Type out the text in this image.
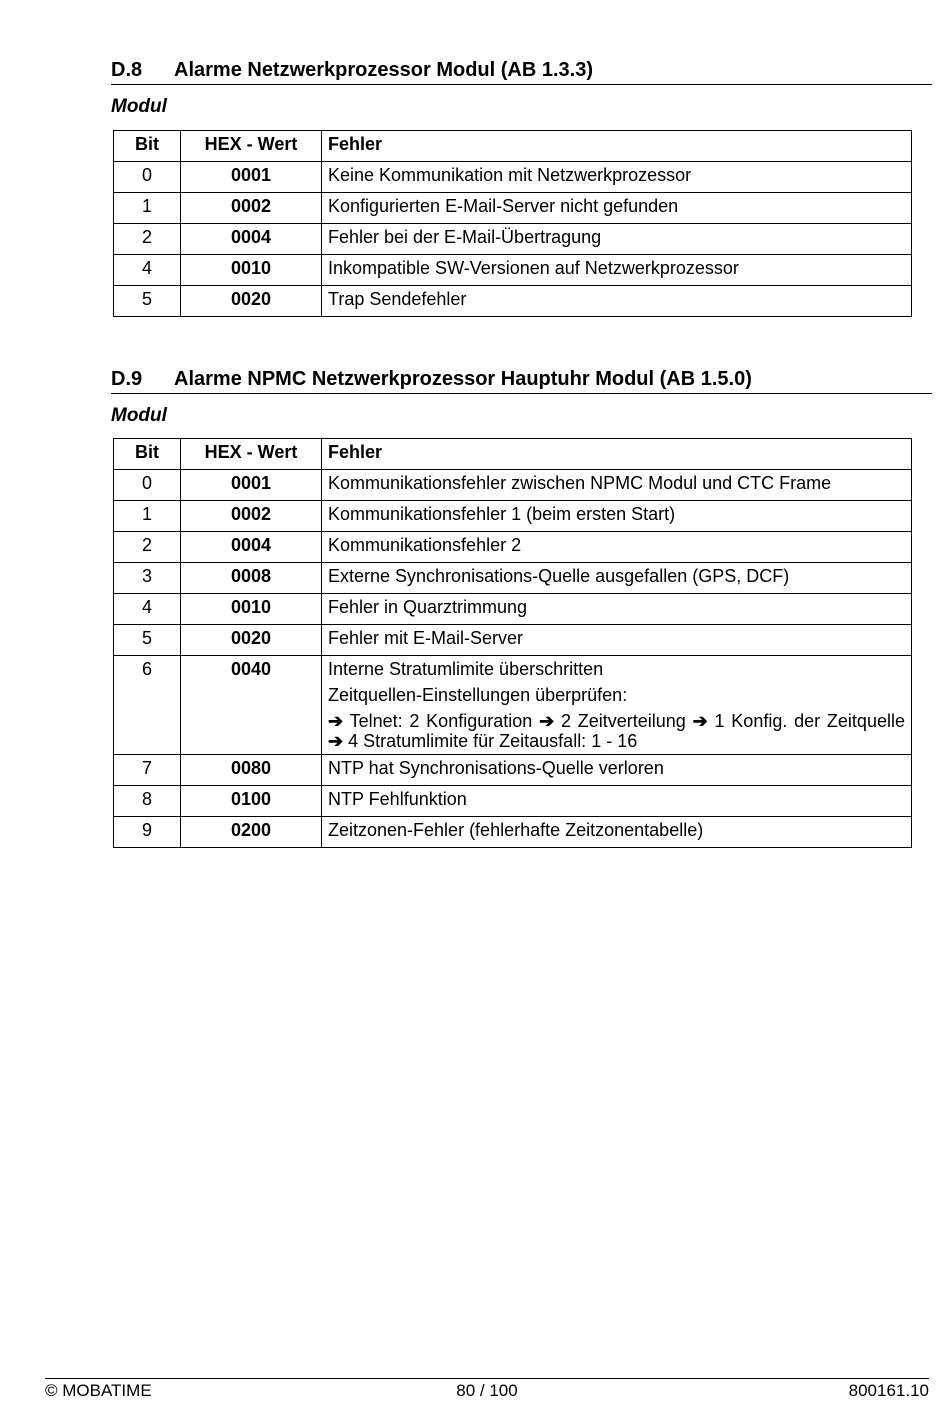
D.8 Alarme Netzwerkprozessor Modul (AB 1.3.3)
Modul
Bit	HEX - Wert	Fehler
0	0001	Keine Kommunikation mit Netzwerkprozessor
1	0002	Konfigurierten E-Mail-Server nicht gefunden
2	0004	Fehler bei der E-Mail-Übertragung
4	0010	Inkompatible SW-Versionen auf Netzwerkprozessor
5	0020	Trap Sendefehler
D.9 Alarme NPMC Netzwerkprozessor Hauptuhr Modul (AB 1.5.0)
Modul
Bit	HEX - Wert	Fehler
0	0001	Kommunikationsfehler zwischen NPMC Modul und CTC Frame
1	0002	Kommunikationsfehler 1 (beim ersten Start)
2	0004	Kommunikationsfehler 2
3	0008	Externe Synchronisations-Quelle ausgefallen (GPS, DCF)
4	0010	Fehler in Quarztrimmung
5	0020	Fehler mit E-Mail-Server
6	0040	Interne Stratumlimite überschritten

Zeitquellen-Einstellungen überprüfen:

➔ Telnet: 2 Konfiguration ➔ 2 Zeitverteilung ➔ 1 Konfig. der Zeitquelle ➔ 4 Stratumlimite für Zeitausfall: 1 - 16

7	0080	NTP hat Synchronisations-Quelle verloren
8	0100	NTP Fehlfunktion
9	0200	Zeitzonen-Fehler (fehlerhafte Zeitzonentabelle)
© MOBATIME	80 / 100	800161.10
